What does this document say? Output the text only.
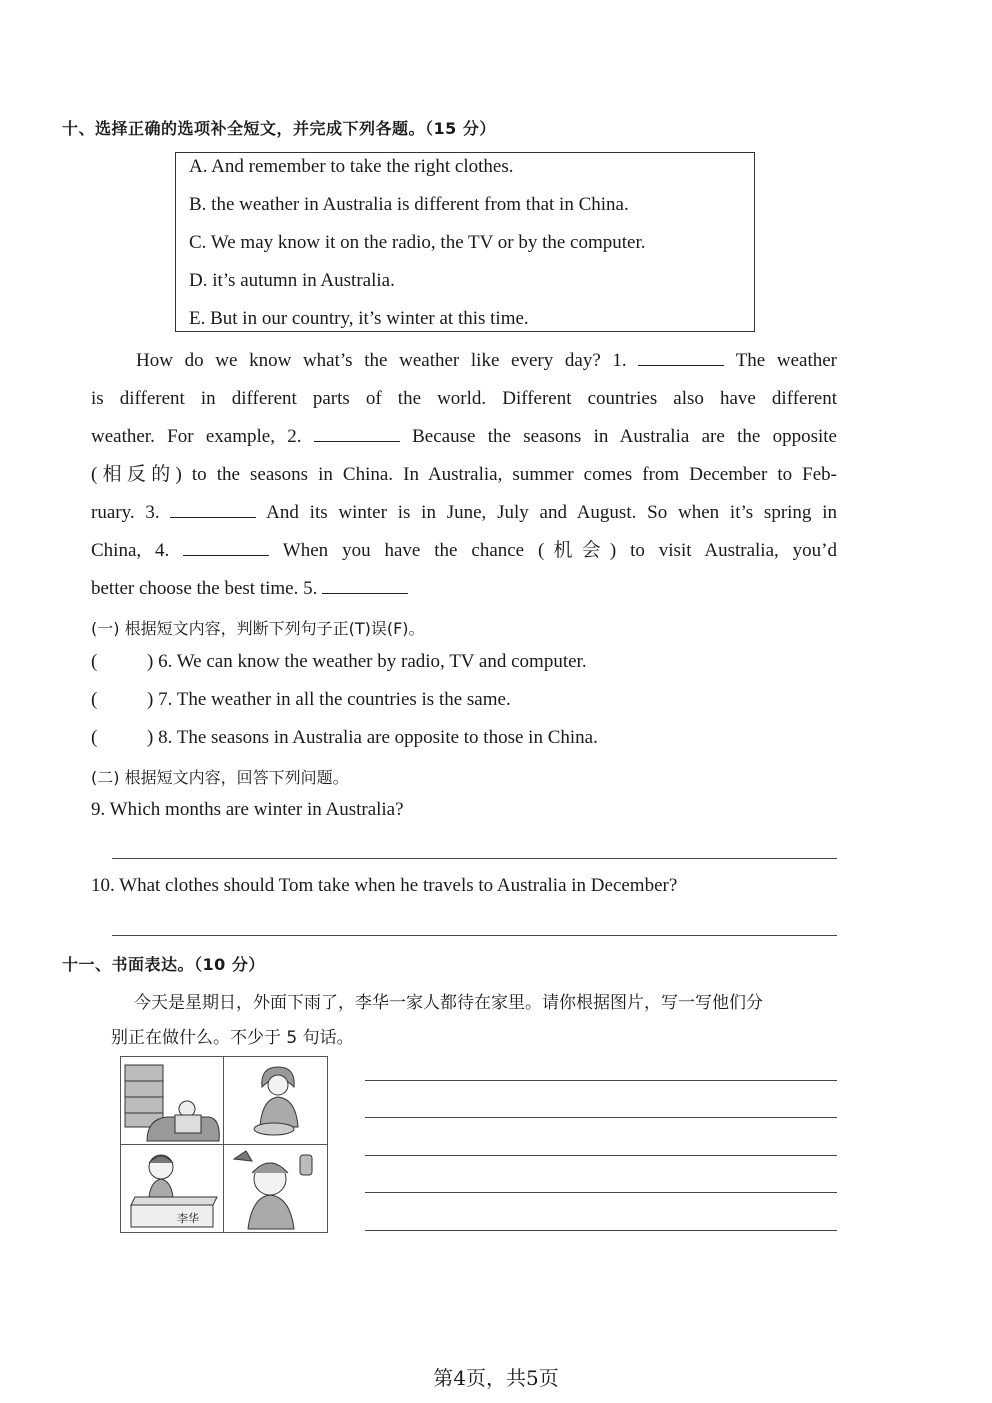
十、选择正确的选项补全短文，并完成下列各题。（15 分）
A. And remember to take the right clothes.
B. the weather in Australia is different from that in China.
C. We may know it on the radio, the TV or by the computer.
D. it’s autumn in Australia.
E. But in our country, it’s winter at this time.
How do we know what’s the weather like every day? 1.	The weather
is different in different parts of the world. Different countries also have different
weather. For example, 2.	Because the seasons in Australia are the opposite
(相反的) to the seasons in China. In Australia, summer comes from December to Feb-
ruary. 3.	And its winter is in June, July and August. So when it’s spring in
China, 4.	When you have the chance (机会) to visit Australia, you’d
better choose the best time. 5.
(一) 根据短文内容，判断下列句子正(T)误(F)。
(	) 6. We can know the weather by radio, TV and computer.
(	) 7. The weather in all the countries is the same.
(	) 8. The seasons in Australia are opposite to those in China.
(二) 根据短文内容，回答下列问题。
9. Which months are winter in Australia?
10. What clothes should Tom take when he travels to Australia in December?
十一、书面表达。（10 分）
今天是星期日，外面下雨了，李华一家人都待在家里。请你根据图片，写一写他们分
别正在做什么。不少于 5 句话。
李华
第4页，共5页
